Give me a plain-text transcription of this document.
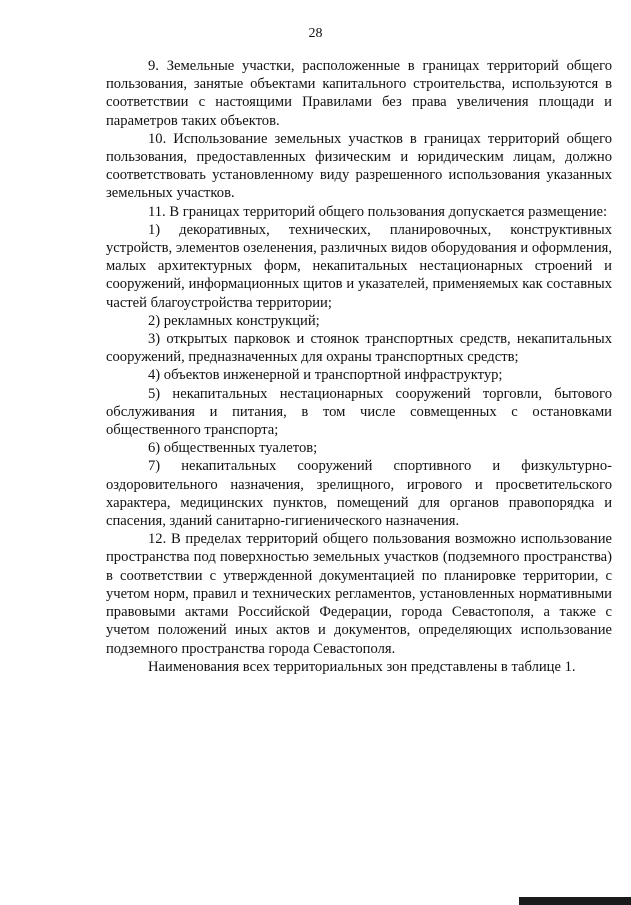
28

9. Земельные участки, расположенные в границах территорий общего пользования, занятые объектами капитального строительства, используются в соответствии с настоящими Правилами без права увеличения площади и параметров таких объектов.

10. Использование земельных участков в границах территорий общего пользования, предоставленных физическим и юридическим лицам, должно соответствовать установленному виду разрешенного использования указанных земельных участков.

11. В границах территорий общего пользования допускается размещение:

1) декоративных, технических, планировочных, конструктивных устройств, элементов озеленения, различных видов оборудования и оформления, малых архитектурных форм, некапитальных нестационарных строений и сооружений, информационных щитов и указателей, применяемых как составных частей благоустройства территории;

2) рекламных конструкций;

3) открытых парковок и стоянок транспортных средств, некапитальных сооружений, предназначенных для охраны транспортных средств;

4) объектов инженерной и транспортной инфраструктур;

5) некапитальных нестационарных сооружений торговли, бытового обслуживания и питания, в том числе совмещенных с остановками общественного транспорта;

6) общественных туалетов;

7) некапитальных сооружений спортивного и физкультурно-оздоровительного назначения, зрелищного, игрового и просветительского характера, медицинских пунктов, помещений для органов правопорядка и спасения, зданий санитарно-гигиенического назначения.

12. В пределах территорий общего пользования возможно использование пространства под поверхностью земельных участков (подземного пространства) в соответствии с утвержденной документацией по планировке территории, с учетом норм, правил и технических регламентов, установленных нормативными правовыми актами Российской Федерации, города Севастополя, а также с учетом положений иных актов и документов, определяющих использование подземного пространства города Севастополя.

Наименования всех территориальных зон представлены в таблице 1.
